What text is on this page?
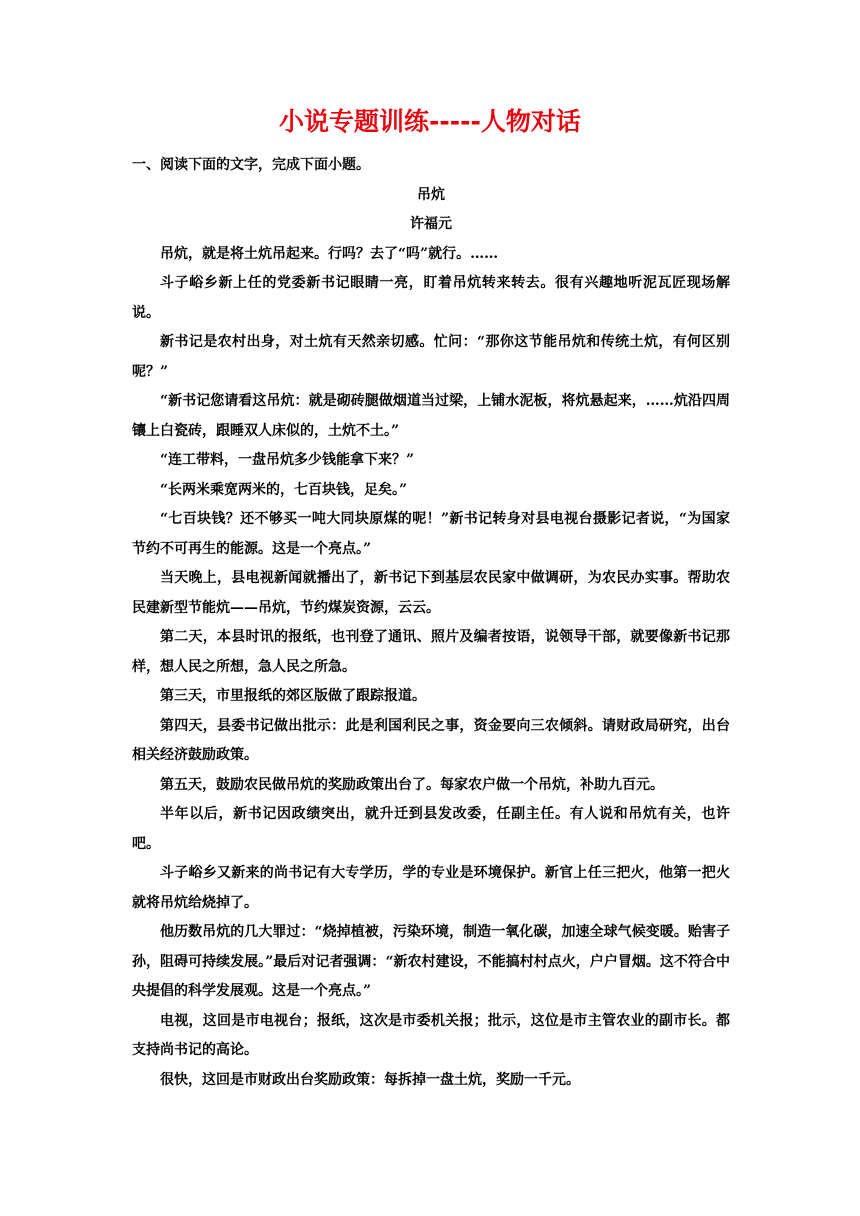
小说专题训练-----人物对话

一、阅读下面的文字，完成下面小题。

吊炕

许福元

吊炕，就是将土炕吊起来。行吗？去了“吗”就行。……

斗子峪乡新上任的党委新书记眼睛一亮，盯着吊炕转来转去。很有兴趣地听泥瓦匠现场解说。

新书记是农村出身，对土炕有天然亲切感。忙问：“那你这节能吊炕和传统土炕，有何区别呢？”

“新书记您请看这吊炕：就是砌砖腿做烟道当过梁，上铺水泥板，将炕悬起来，……炕沿四周镶上白瓷砖，跟睡双人床似的，土炕不土。”

“连工带料，一盘吊炕多少钱能拿下来？”

“长两米乘宽两米的，七百块钱，足矣。”

“七百块钱？还不够买一吨大同块原煤的呢！”新书记转身对县电视台摄影记者说，“为国家节约不可再生的能源。这是一个亮点。”

当天晚上，县电视新闻就播出了，新书记下到基层农民家中做调研，为农民办实事。帮助农民建新型节能炕——吊炕，节约煤炭资源，云云。

第二天，本县时讯的报纸，也刊登了通讯、照片及编者按语，说领导干部，就要像新书记那样，想人民之所想，急人民之所急。

第三天，市里报纸的郊区版做了跟踪报道。

第四天，县委书记做出批示：此是利国利民之事，资金要向三农倾斜。请财政局研究，出台相关经济鼓励政策。

第五天，鼓励农民做吊炕的奖励政策出台了。每家农户做一个吊炕，补助九百元。

半年以后，新书记因政绩突出，就升迁到县发改委，任副主任。有人说和吊炕有关，也许吧。

斗子峪乡又新来的尚书记有大专学历，学的专业是环境保护。新官上任三把火，他第一把火就将吊炕给烧掉了。

他历数吊炕的几大罪过：“烧掉植被，污染环境，制造一氧化碳，加速全球气候变暖。贻害子孙，阻碍可持续发展。”最后对记者强调：“新农村建设，不能搞村村点火，户户冒烟。这不符合中央提倡的科学发展观。这是一个亮点。”

电视，这回是市电视台；报纸，这次是市委机关报；批示，这位是市主管农业的副市长。都支持尚书记的高论。

很快，这回是市财政出台奖励政策：每拆掉一盘土炕，奖励一千元。
